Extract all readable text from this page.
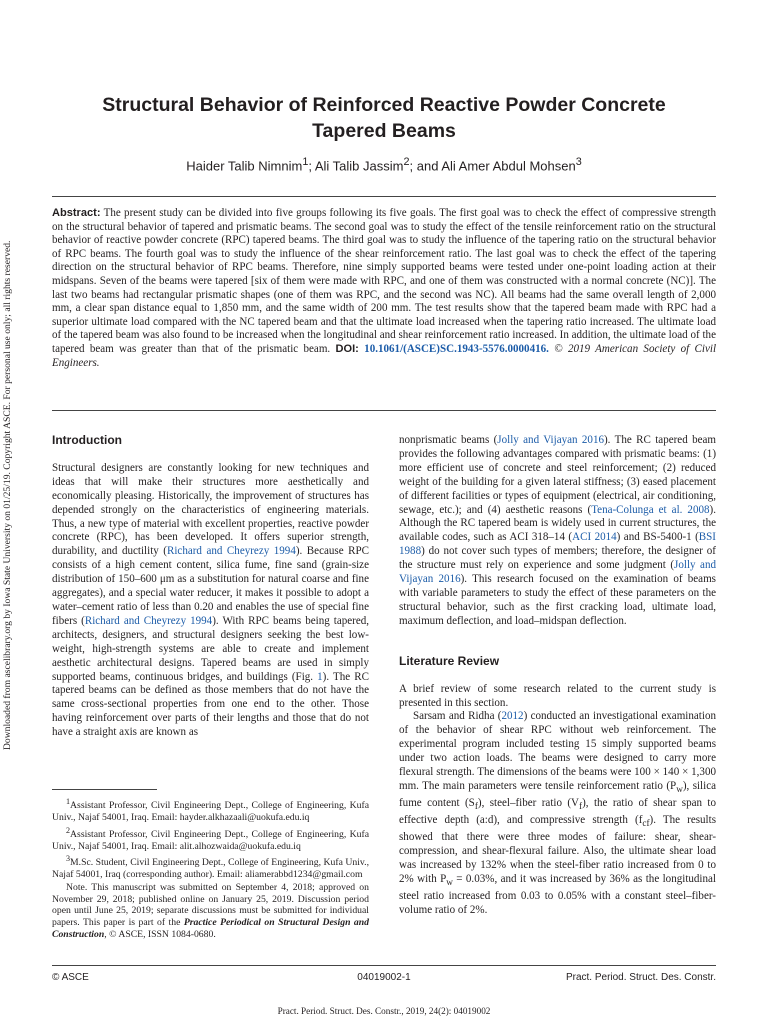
Downloaded from ascelibrary.org by Iowa State University on 01/25/19. Copyright ASCE. For personal use only; all rights reserved.
Structural Behavior of Reinforced Reactive Powder Concrete
Tapered Beams
Haider Talib Nimnim$^1$; Ali Talib Jassim$^2$; and Ali Amer Abdul Mohsen$^3$
Abstract: The present study can be divided into five groups following its five goals. The first goal was to check the effect of compressive strength on the structural behavior of tapered and prismatic beams. The second goal was to study the effect of the tensile reinforcement ratio on the structural behavior of reactive powder concrete (RPC) tapered beams. The third goal was to study the influence of the tapering ratio on the structural behavior of RPC beams. The fourth goal was to study the influence of the shear reinforcement ratio. The last goal was to check the effect of the tapering direction on the structural behavior of RPC beams. Therefore, nine simply supported beams were tested under one-point loading action at their midspans. Seven of the beams were tapered [six of them were made with RPC, and one of them was constructed with a normal concrete (NC)]. The last two beams had rectangular prismatic shapes (one of them was RPC, and the second was NC). All beams had the same overall length of 2,000 mm, a clear span distance equal to 1,850 mm, and the same width of 200 mm. The test results show that the tapered beam made with RPC had a superior ultimate load compared with the NC tapered beam and that the ultimate load increased when the tapering ratio increased. The ultimate load of the tapered beam was also found to be increased when the longitudinal and shear reinforcement ratio increased. In addition, the ultimate load of the tapered beam was greater than that of the prismatic beam. DOI: 10.1061/(ASCE)SC.1943-5576.0000416. © 2019 American Society of Civil Engineers.
Introduction

Structural designers are constantly looking for new techniques and ideas that will make their structures more aesthetically and economically pleasing. Historically, the improvement of structures has depended strongly on the characteristics of engineering materials. Thus, a new type of material with excellent properties, reactive powder concrete (RPC), has been developed. It offers superior strength, durability, and ductility (Richard and Cheyrezy 1994). Because RPC consists of a high cement content, silica fume, fine sand (grain-size distribution of 150–600 μm as a substitution for natural coarse and fine aggregates), and a special water reducer, it makes it possible to adopt a water–cement ratio of less than 0.20 and enables the use of special fine fibers (Richard and Cheyrezy 1994). With RPC beams being tapered, architects, designers, and structural designers seeking the best low-weight, high-strength systems are able to create and implement aesthetic architectural designs. Tapered beams are used in simply supported beams, continuous bridges, and buildings (Fig. 1). The RC tapered beams can be defined as those members that do not have the same cross-sectional properties from one end to the other. Those having reinforcement over parts of their lengths and those that do not have a straight axis are known as

$^1$Assistant Professor, Civil Engineering Dept., College of Engineering, Kufa Univ., Najaf 54001, Iraq. Email: hayder.alkhazaali@uokufa.edu.iq

$^2$Assistant Professor, Civil Engineering Dept., College of Engineering, Kufa Univ., Najaf 54001, Iraq. Email: alit.alhozwaida@uokufa.edu.iq

$^3$M.Sc. Student, Civil Engineering Dept., College of Engineering, Kufa Univ., Najaf 54001, Iraq (corresponding author). Email: aliamerabbd1234@gmail.com

Note. This manuscript was submitted on September 4, 2018; approved on November 29, 2018; published online on January 25, 2019. Discussion period open until June 25, 2019; separate discussions must be submitted for individual papers. This paper is part of the Practice Periodical on Structural Design and Construction, © ASCE, ISSN 1084-0680.

nonprismatic beams (Jolly and Vijayan 2016). The RC tapered beam provides the following advantages compared with prismatic beams: (1) more efficient use of concrete and steel reinforcement; (2) reduced weight of the building for a given lateral stiffness; (3) eased placement of different facilities or types of equipment (electrical, air conditioning, sewage, etc.); and (4) aesthetic reasons (Tena-Colunga et al. 2008). Although the RC tapered beam is widely used in current structures, the available codes, such as ACI 318–14 (ACI 2014) and BS-5400-1 (BSI 1988) do not cover such types of members; therefore, the designer of the structure must rely on experience and some judgment (Jolly and Vijayan 2016). This research focused on the examination of beams with variable parameters to study the effect of these parameters on the structural behavior, such as the first cracking load, ultimate load, maximum deflection, and load–midspan deflection.

Literature Review

A brief review of some research related to the current study is presented in this section.

Sarsam and Ridha (2012) conducted an investigational examination of the behavior of shear RPC without web reinforcement. The experimental program included testing 15 simply supported beams under two action loads. The beams were designed to carry more flexural strength. The dimensions of the beams were 100 × 140 × 1,300 mm. The main parameters were tensile reinforcement ratio $(P_w)$, silica fume content $(S_f)$, steel–fiber ratio $(V_f)$, the ratio of shear span to effective depth (a:d), and compressive strength $(f_{cf})$. The results showed that there were three modes of failure: shear, shear-compression, and shear-flexural failure. Also, the ultimate shear load was increased by 132% when the steel-fiber ratio increased from 0 to 2% with $P_w = 0.03\%$, and it was increased by 36% as the longitudinal steel ratio increased from 0.03 to 0.05% with a constant steel–fiber-volume ratio of 2%.

© ASCE	04019002-1	Pract. Period. Struct. Des. Constr.
Pract. Period. Struct. Des. Constr., 2019, 24(2): 04019002
